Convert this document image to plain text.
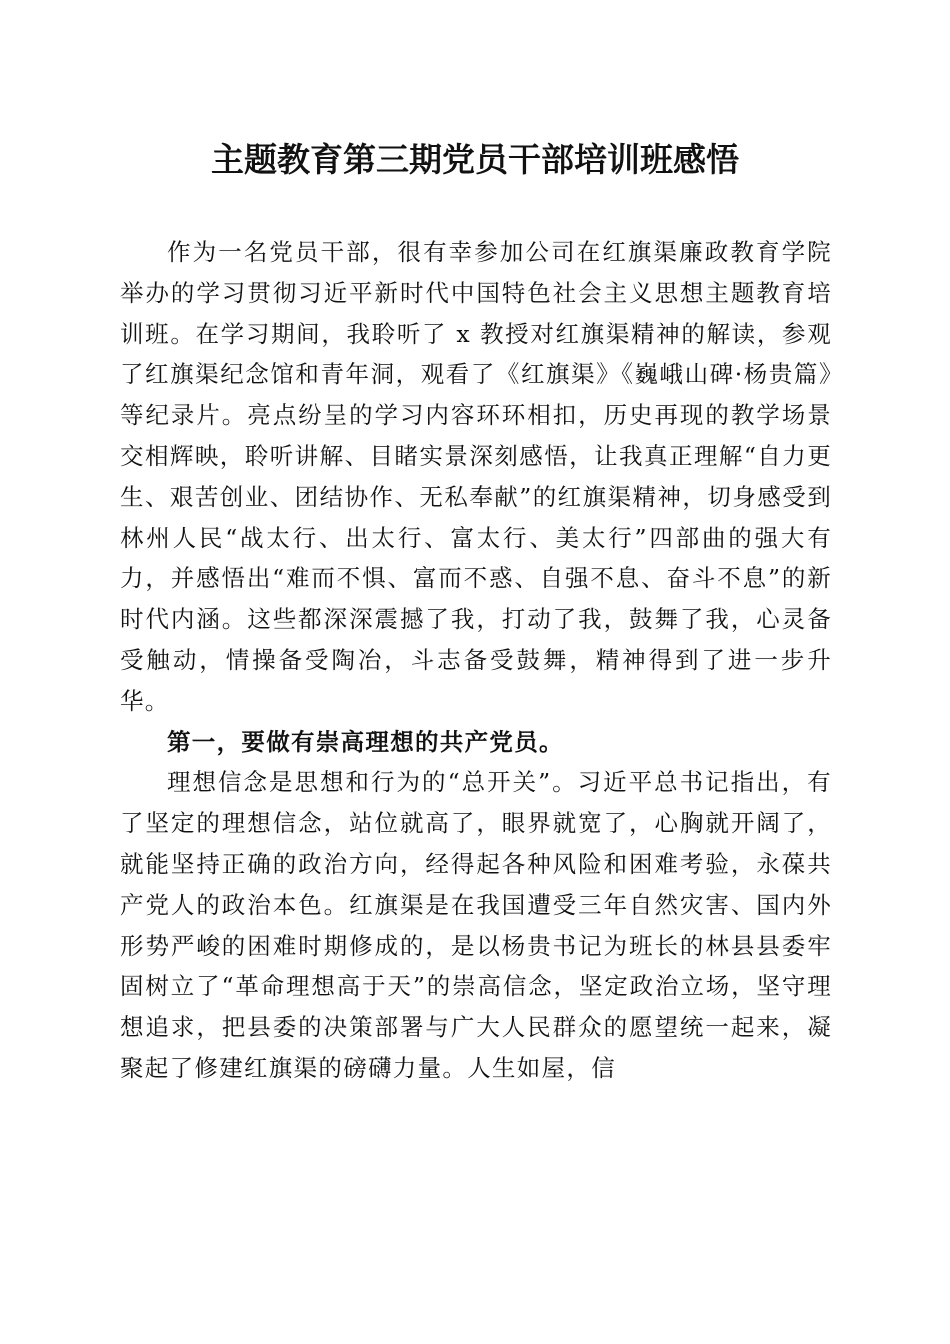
主题教育第三期党员干部培训班感悟

作为一名党员干部，很有幸参加公司在红旗渠廉政教育学院举办的学习贯彻习近平新时代中国特色社会主义思想主题教育培训班。在学习期间，我聆听了 x 教授对红旗渠精神的解读，参观了红旗渠纪念馆和青年洞，观看了《红旗渠》《巍峨山碑·杨贵篇》等纪录片。亮点纷呈的学习内容环环相扣，历史再现的教学场景交相辉映，聆听讲解、目睹实景深刻感悟，让我真正理解“自力更生、艰苦创业、团结协作、无私奉献”的红旗渠精神，切身感受到林州人民“战太行、出太行、富太行、美太行”四部曲的强大有力，并感悟出“难而不惧、富而不惑、自强不息、奋斗不息”的新时代内涵。这些都深深震撼了我，打动了我，鼓舞了我，心灵备受触动，情操备受陶冶，斗志备受鼓舞，精神得到了进一步升华。

第一，要做有崇高理想的共产党员。

理想信念是思想和行为的“总开关”。习近平总书记指出，有了坚定的理想信念，站位就高了，眼界就宽了，心胸就开阔了，就能坚持正确的政治方向，经得起各种风险和困难考验，永葆共产党人的政治本色。红旗渠是在我国遭受三年自然灾害、国内外形势严峻的困难时期修成的，是以杨贵书记为班长的林县县委牢固树立了“革命理想高于天”的崇高信念，坚定政治立场，坚守理想追求，把县委的决策部署与广大人民群众的愿望统一起来，凝聚起了修建红旗渠的磅礴力量。人生如屋，信
